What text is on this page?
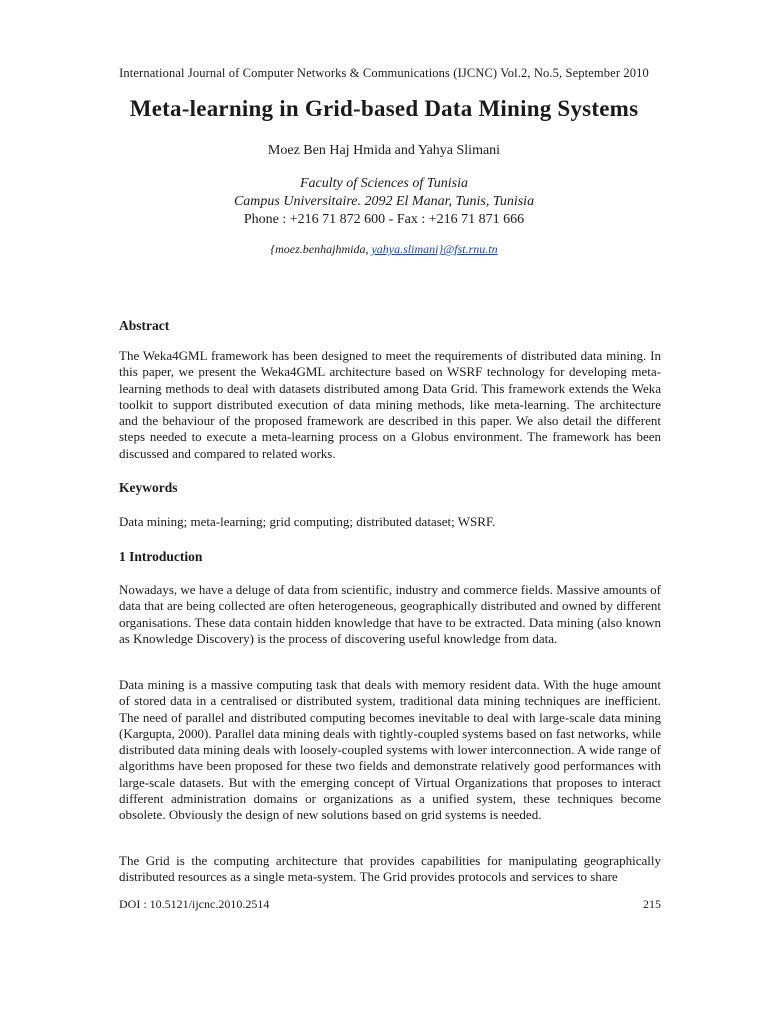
International Journal of Computer Networks & Communications (IJCNC) Vol.2, No.5, September 2010
Meta-learning in Grid-based Data Mining Systems
Moez Ben Haj Hmida and Yahya Slimani
Faculty of Sciences of Tunisia
Campus Universitaire. 2092 El Manar, Tunis, Tunisia
Phone : +216 71 872 600 - Fax : +216 71 871 666
{moez.benhajhmida, yahya.slimani}@fst.rnu.tn
Abstract

The Weka4GML framework has been designed to meet the requirements of distributed data mining. In this paper, we present the Weka4GML architecture based on WSRF technology for developing meta-learning methods to deal with datasets distributed among Data Grid. This framework extends the Weka toolkit to support distributed execution of data mining methods, like meta-learning. The architecture and the behaviour of the proposed framework are described in this paper. We also detail the different steps needed to execute a meta-learning process on a Globus environment. The framework has been discussed and compared to related works.

Keywords

Data mining; meta-learning; grid computing; distributed dataset; WSRF.

1 Introduction

Nowadays, we have a deluge of data from scientific, industry and commerce fields. Massive amounts of data that are being collected are often heterogeneous, geographically distributed and owned by different organisations. These data contain hidden knowledge that have to be extracted. Data mining (also known as Knowledge Discovery) is the process of discovering useful knowledge from data.

Data mining is a massive computing task that deals with memory resident data. With the huge amount of stored data in a centralised or distributed system, traditional data mining techniques are inefficient. The need of parallel and distributed computing becomes inevitable to deal with large-scale data mining (Kargupta, 2000). Parallel data mining deals with tightly-coupled systems based on fast networks, while distributed data mining deals with loosely-coupled systems with lower interconnection. A wide range of algorithms have been proposed for these two fields and demonstrate relatively good performances with large-scale datasets. But with the emerging concept of Virtual Organizations that proposes to interact different administration domains or organizations as a unified system, these techniques become obsolete. Obviously the design of new solutions based on grid systems is needed.

The Grid is the computing architecture that provides capabilities for manipulating geographically distributed resources as a single meta-system. The Grid provides protocols and services to share

DOI : 10.5121/ijcnc.2010.2514	215
